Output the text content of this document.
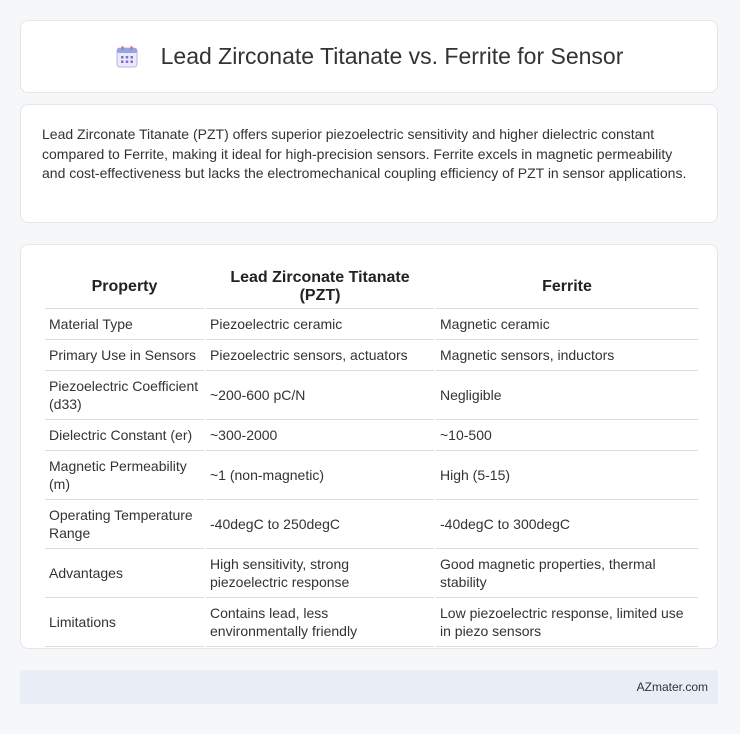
Lead Zirconate Titanate vs. Ferrite for Sensor

Lead Zirconate Titanate (PZT) offers superior piezoelectric sensitivity and higher dielectric constant compared to Ferrite, making it ideal for high-precision sensors. Ferrite excels in magnetic permeability and cost-effectiveness but lacks the electromechanical coupling efficiency of PZT in sensor applications.

Property	Lead Zirconate Titanate (PZT)	Ferrite
Material Type	Piezoelectric ceramic	Magnetic ceramic
Primary Use in Sensors	Piezoelectric sensors, actuators	Magnetic sensors, inductors
Piezoelectric Coefficient (d33)	~200-600 pC/N	Negligible
Dielectric Constant (er)	~300-2000	~10-500
Magnetic Permeability (m)	~1 (non-magnetic)	High (5-15)
Operating Temperature Range	-40degC to 250degC	-40degC to 300degC
Advantages	High sensitivity, strong piezoelectric response	Good magnetic properties, thermal stability
Limitations	Contains lead, less environmentally friendly	Low piezoelectric response, limited use in piezo sensors
AZmater.com
